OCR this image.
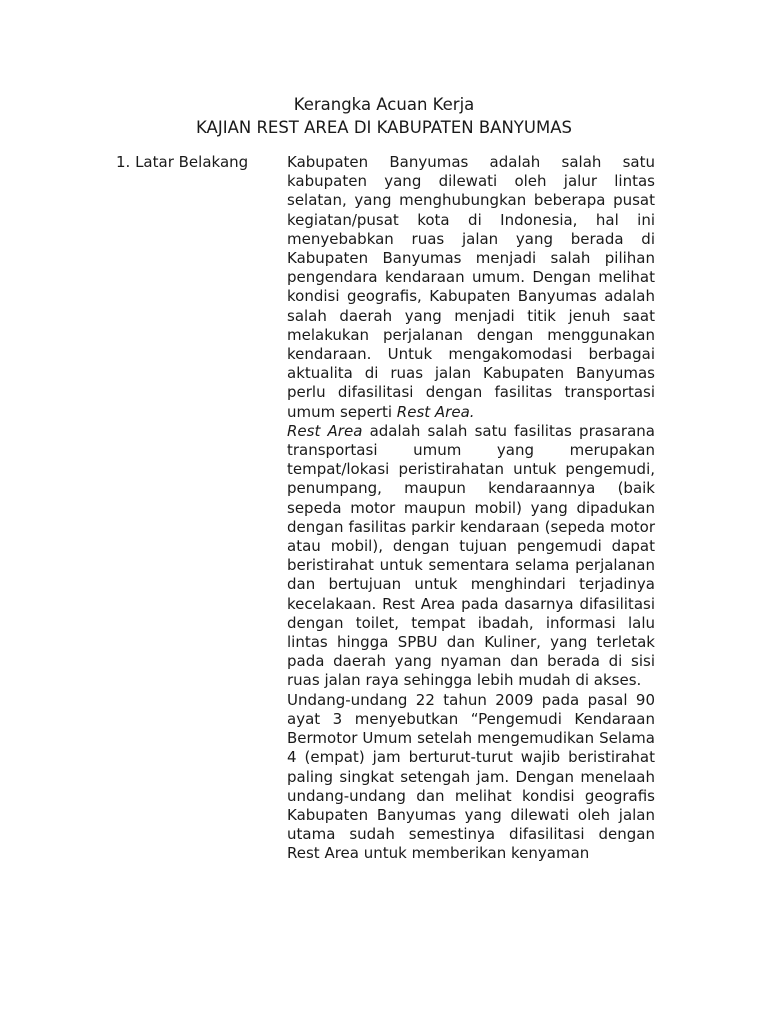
Kerangka Acuan Kerja
KAJIAN REST AREA DI KABUPATEN BANYUMAS
1. Latar Belakang	Kabupaten Banyumas adalah salah satu kabupaten yang dilewati oleh jalur lintas selatan, yang menghubungkan beberapa pusat kegiatan/pusat kota di Indonesia, hal ini menyebabkan ruas jalan yang berada di Kabupaten Banyumas menjadi salah pilihan pengendara kendaraan umum. Dengan melihat kondisi geografis, Kabupaten Banyumas adalah salah daerah yang menjadi titik jenuh saat melakukan perjalanan dengan menggunakan kendaraan. Untuk mengakomodasi berbagai aktualita di ruas jalan Kabupaten Banyumas perlu difasilitasi dengan fasilitas transportasi umum seperti Rest Area.

Rest Area adalah salah satu fasilitas prasarana transportasi umum yang merupakan tempat/lokasi peristirahatan untuk pengemudi, penumpang, maupun kendaraannya (baik sepeda motor maupun mobil) yang dipadukan dengan fasilitas parkir kendaraan (sepeda motor atau mobil), dengan tujuan pengemudi dapat beristirahat untuk sementara selama perjalanan dan bertujuan untuk menghindari terjadinya kecelakaan. Rest Area pada dasarnya difasilitasi dengan toilet, tempat ibadah, informasi lalu lintas hingga SPBU dan Kuliner, yang terletak pada daerah yang nyaman dan berada di sisi ruas jalan raya sehingga lebih mudah di akses.

Undang-undang 22 tahun 2009 pada pasal 90 ayat 3 menyebutkan “Pengemudi Kendaraan Bermotor Umum setelah mengemudikan Selama 4 (empat) jam berturut-turut wajib beristirahat paling singkat setengah jam. Dengan menelaah undang-undang dan melihat kondisi geografis Kabupaten Banyumas yang dilewati oleh jalan utama sudah semestinya difasilitasi dengan Rest Area untuk memberikan kenyaman
